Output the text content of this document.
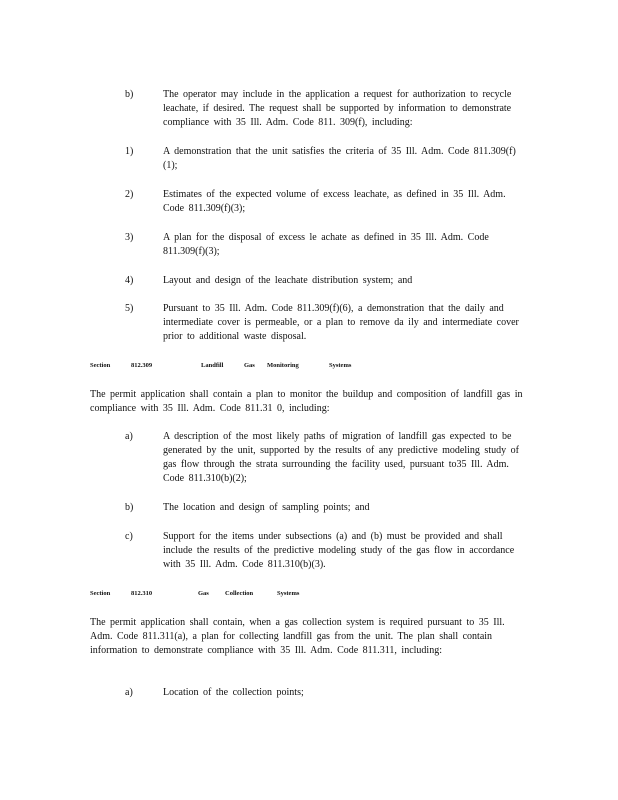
b)	The operator may include in the application a request for authorization to recycle leachate, if desired. The request shall be supported by information to demonstrate compliance with 35 Ill. Adm. Code 811. 309(f), including:
1)	A demonstration that the unit satisfies the criteria of 35 Ill. Adm. Code 811.309(f)(1);
2)	Estimates of the expected volume of excess leachate, as defined in 35 Ill. Adm. Code 811.309(f)(3);
3)	A plan for the disposal of excess le achate as defined in 35 Ill. Adm. Code 811.309(f)(3);
4)	Layout and design of the leachate distribution system; and
5)	Pursuant to 35 Ill. Adm. Code 811.309(f)(6), a demonstration that the daily and intermediate cover is permeable, or a plan to remove da ily and intermediate cover prior to additional waste disposal.
Section	812.309	Landfill	Gas Monitoring	Systems
The permit application shall contain a plan to monitor the buildup and composition of landfill gas in compliance with 35 Ill. Adm. Code 811.31 0, including:
a)	A description of the most likely paths of migration of landfill gas expected to be generated by the unit, supported by the results of any predictive modeling study of gas flow through the strata surrounding the facility used, pursuant to35 Ill. Adm. Code 811.310(b)(2);
b)	The location and design of sampling points; and
c)	Support for the items under subsections (a) and (b) must be provided and shall include the results of the predictive modeling study of the gas flow in accordance with 35 Ill. Adm. Code 811.310(b)(3).
Section	812.310	Gas Collection	Systems
The permit application shall contain, when a gas collection system is required pursuant to 35 Ill. Adm. Code 811.311(a), a plan for collecting landfill gas from the unit. The plan shall contain information to demonstrate compliance with 35 Ill. Adm. Code 811.311, including:
a)	Location of the collection points;
